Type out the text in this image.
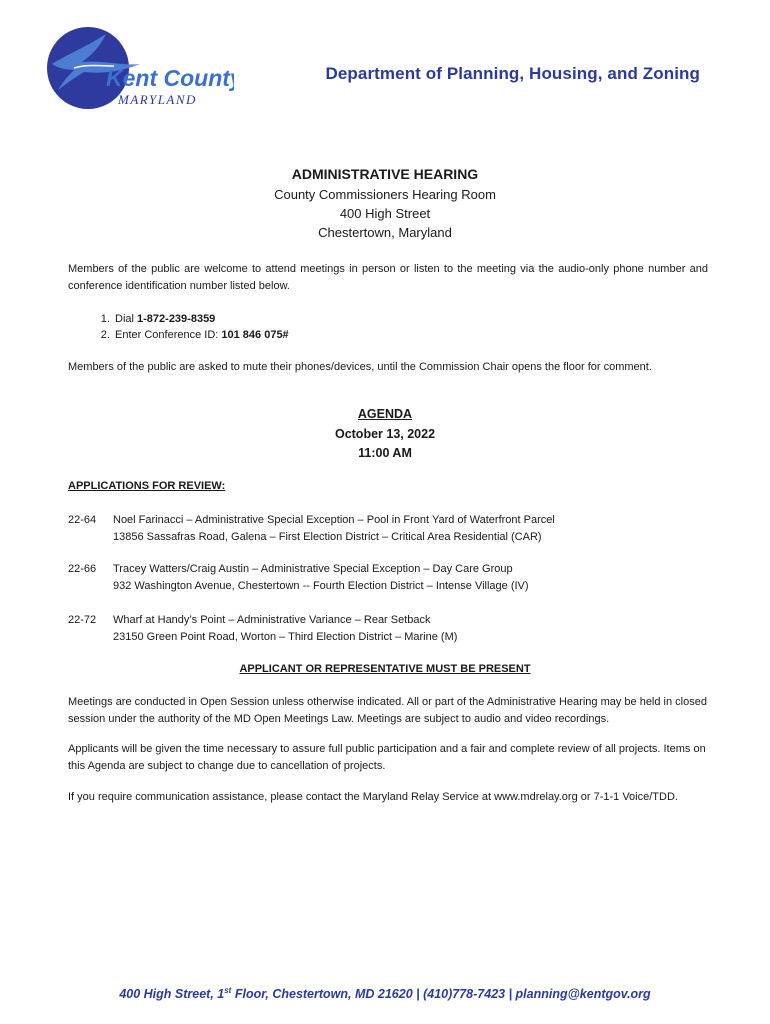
Kent County
MARYLAND
Department of Planning, Housing, and Zoning
ADMINISTRATIVE HEARING
County Commissioners Hearing Room
400 High Street
Chestertown, Maryland
Members of the public are welcome to attend meetings in person or listen to the meeting via the audio-only phone number and conference identification number listed below.
1. Dial 1-872-239-8359
2. Enter Conference ID: 101 846 075#
Members of the public are asked to mute their phones/devices, until the Commission Chair opens the floor for comment.
AGENDA
October 13, 2022
11:00 AM
APPLICATIONS FOR REVIEW:
22-64 Noel Farinacci – Administrative Special Exception – Pool in Front Yard of Waterfront Parcel
13856 Sassafras Road, Galena – First Election District – Critical Area Residential (CAR)
22-66 Tracey Watters/Craig Austin – Administrative Special Exception – Day Care Group
932 Washington Avenue, Chestertown -- Fourth Election District – Intense Village (IV)
22-72 Wharf at Handy’s Point – Administrative Variance – Rear Setback
23150 Green Point Road, Worton – Third Election District – Marine (M)
APPLICANT OR REPRESENTATIVE MUST BE PRESENT
Meetings are conducted in Open Session unless otherwise indicated. All or part of the Administrative Hearing may be held in closed session under the authority of the MD Open Meetings Law. Meetings are subject to audio and video recordings.
Applicants will be given the time necessary to assure full public participation and a fair and complete review of all projects. Items on this Agenda are subject to change due to cancellation of projects.
If you require communication assistance, please contact the Maryland Relay Service at www.mdrelay.org or 7-1-1 Voice/TDD.
400 High Street, 1st Floor, Chestertown, MD 21620 | (410)778-7423 | planning@kentgov.org
